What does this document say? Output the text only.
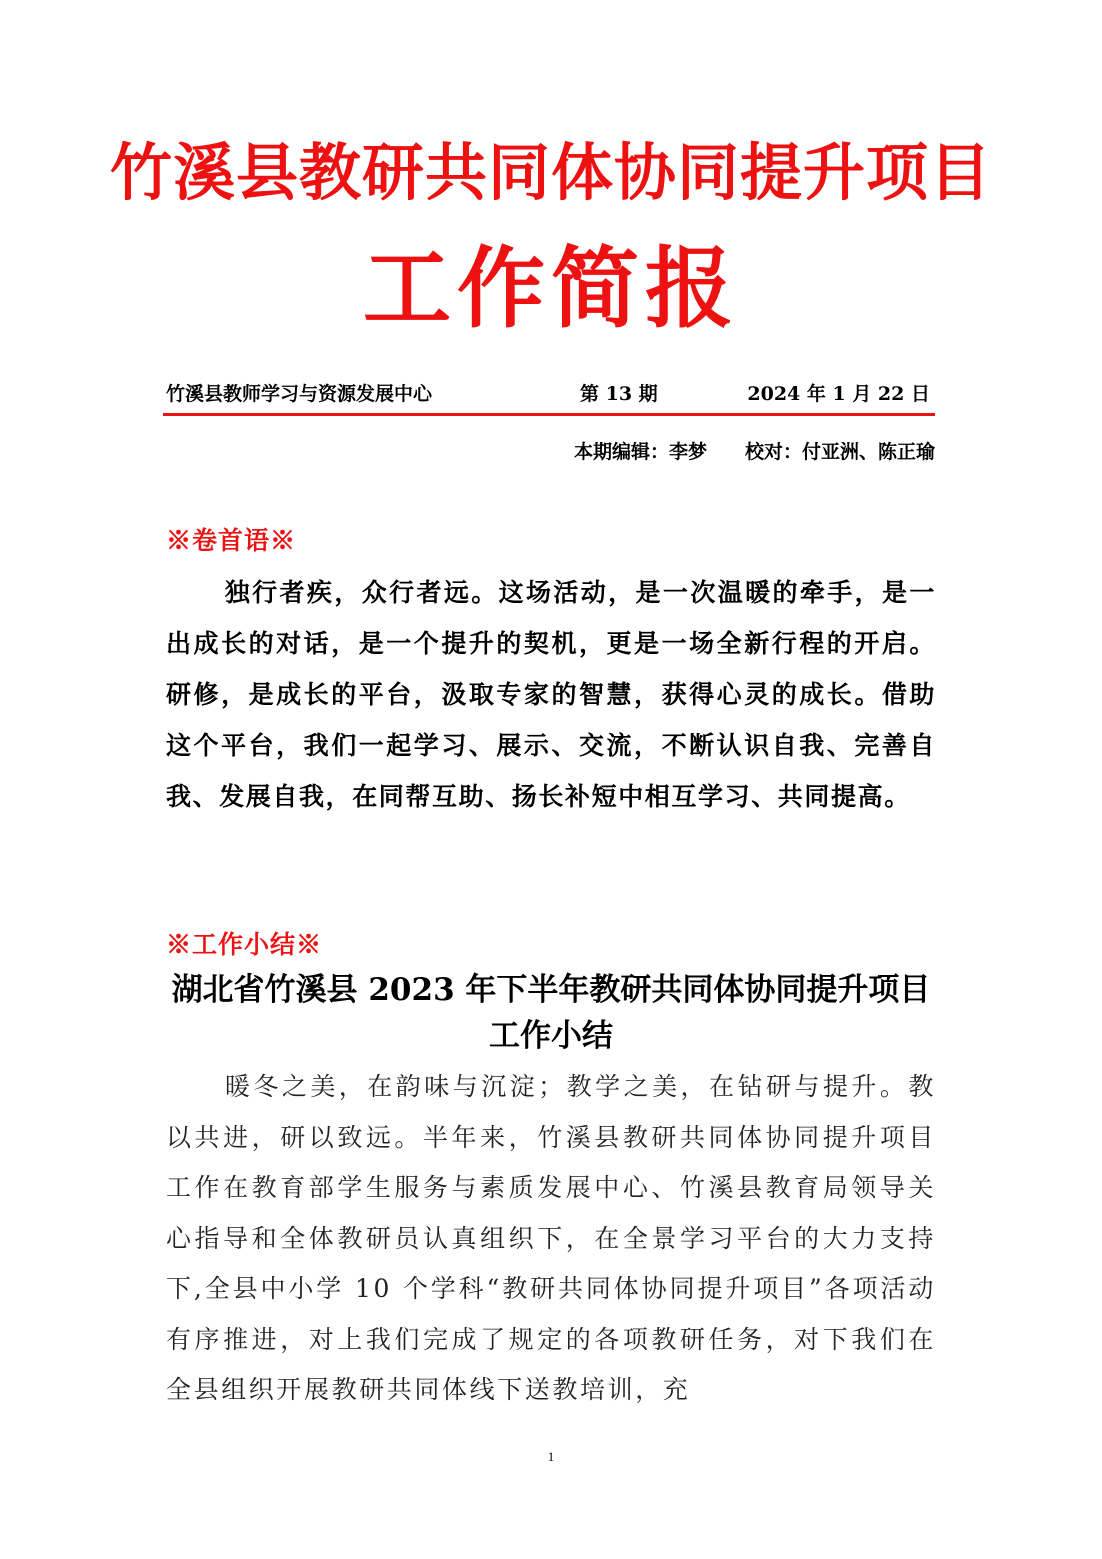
竹溪县教研共同体协同提升项目
工作简报
竹溪县教师学习与资源发展中心	第 13 期	2024 年 1 月 22 日
本期编辑：李梦 校对：付亚洲、陈正瑜
※卷首语※
独行者疾，众行者远。这场活动，是一次温暖的牵手，是一出成长的对话，是一个提升的契机，更是一场全新行程的开启。研修，是成长的平台，汲取专家的智慧，获得心灵的成长。借助这个平台，我们一起学习、展示、交流，不断认识自我、完善自我、发展自我，在同帮互助、扬长补短中相互学习、共同提高。
※工作小结※
湖北省竹溪县 2023 年下半年教研共同体协同提升项目工作小结
暖冬之美，在韵味与沉淀；教学之美，在钻研与提升。教以共进，研以致远。半年来，竹溪县教研共同体协同提升项目工作在教育部学生服务与素质发展中心、竹溪县教育局领导关心指导和全体教研员认真组织下，在全景学习平台的大力支持下,全县中小学 10 个学科“教研共同体协同提升项目”各项活动有序推进，对上我们完成了规定的各项教研任务，对下我们在全县组织开展教研共同体线下送教培训，充
1
